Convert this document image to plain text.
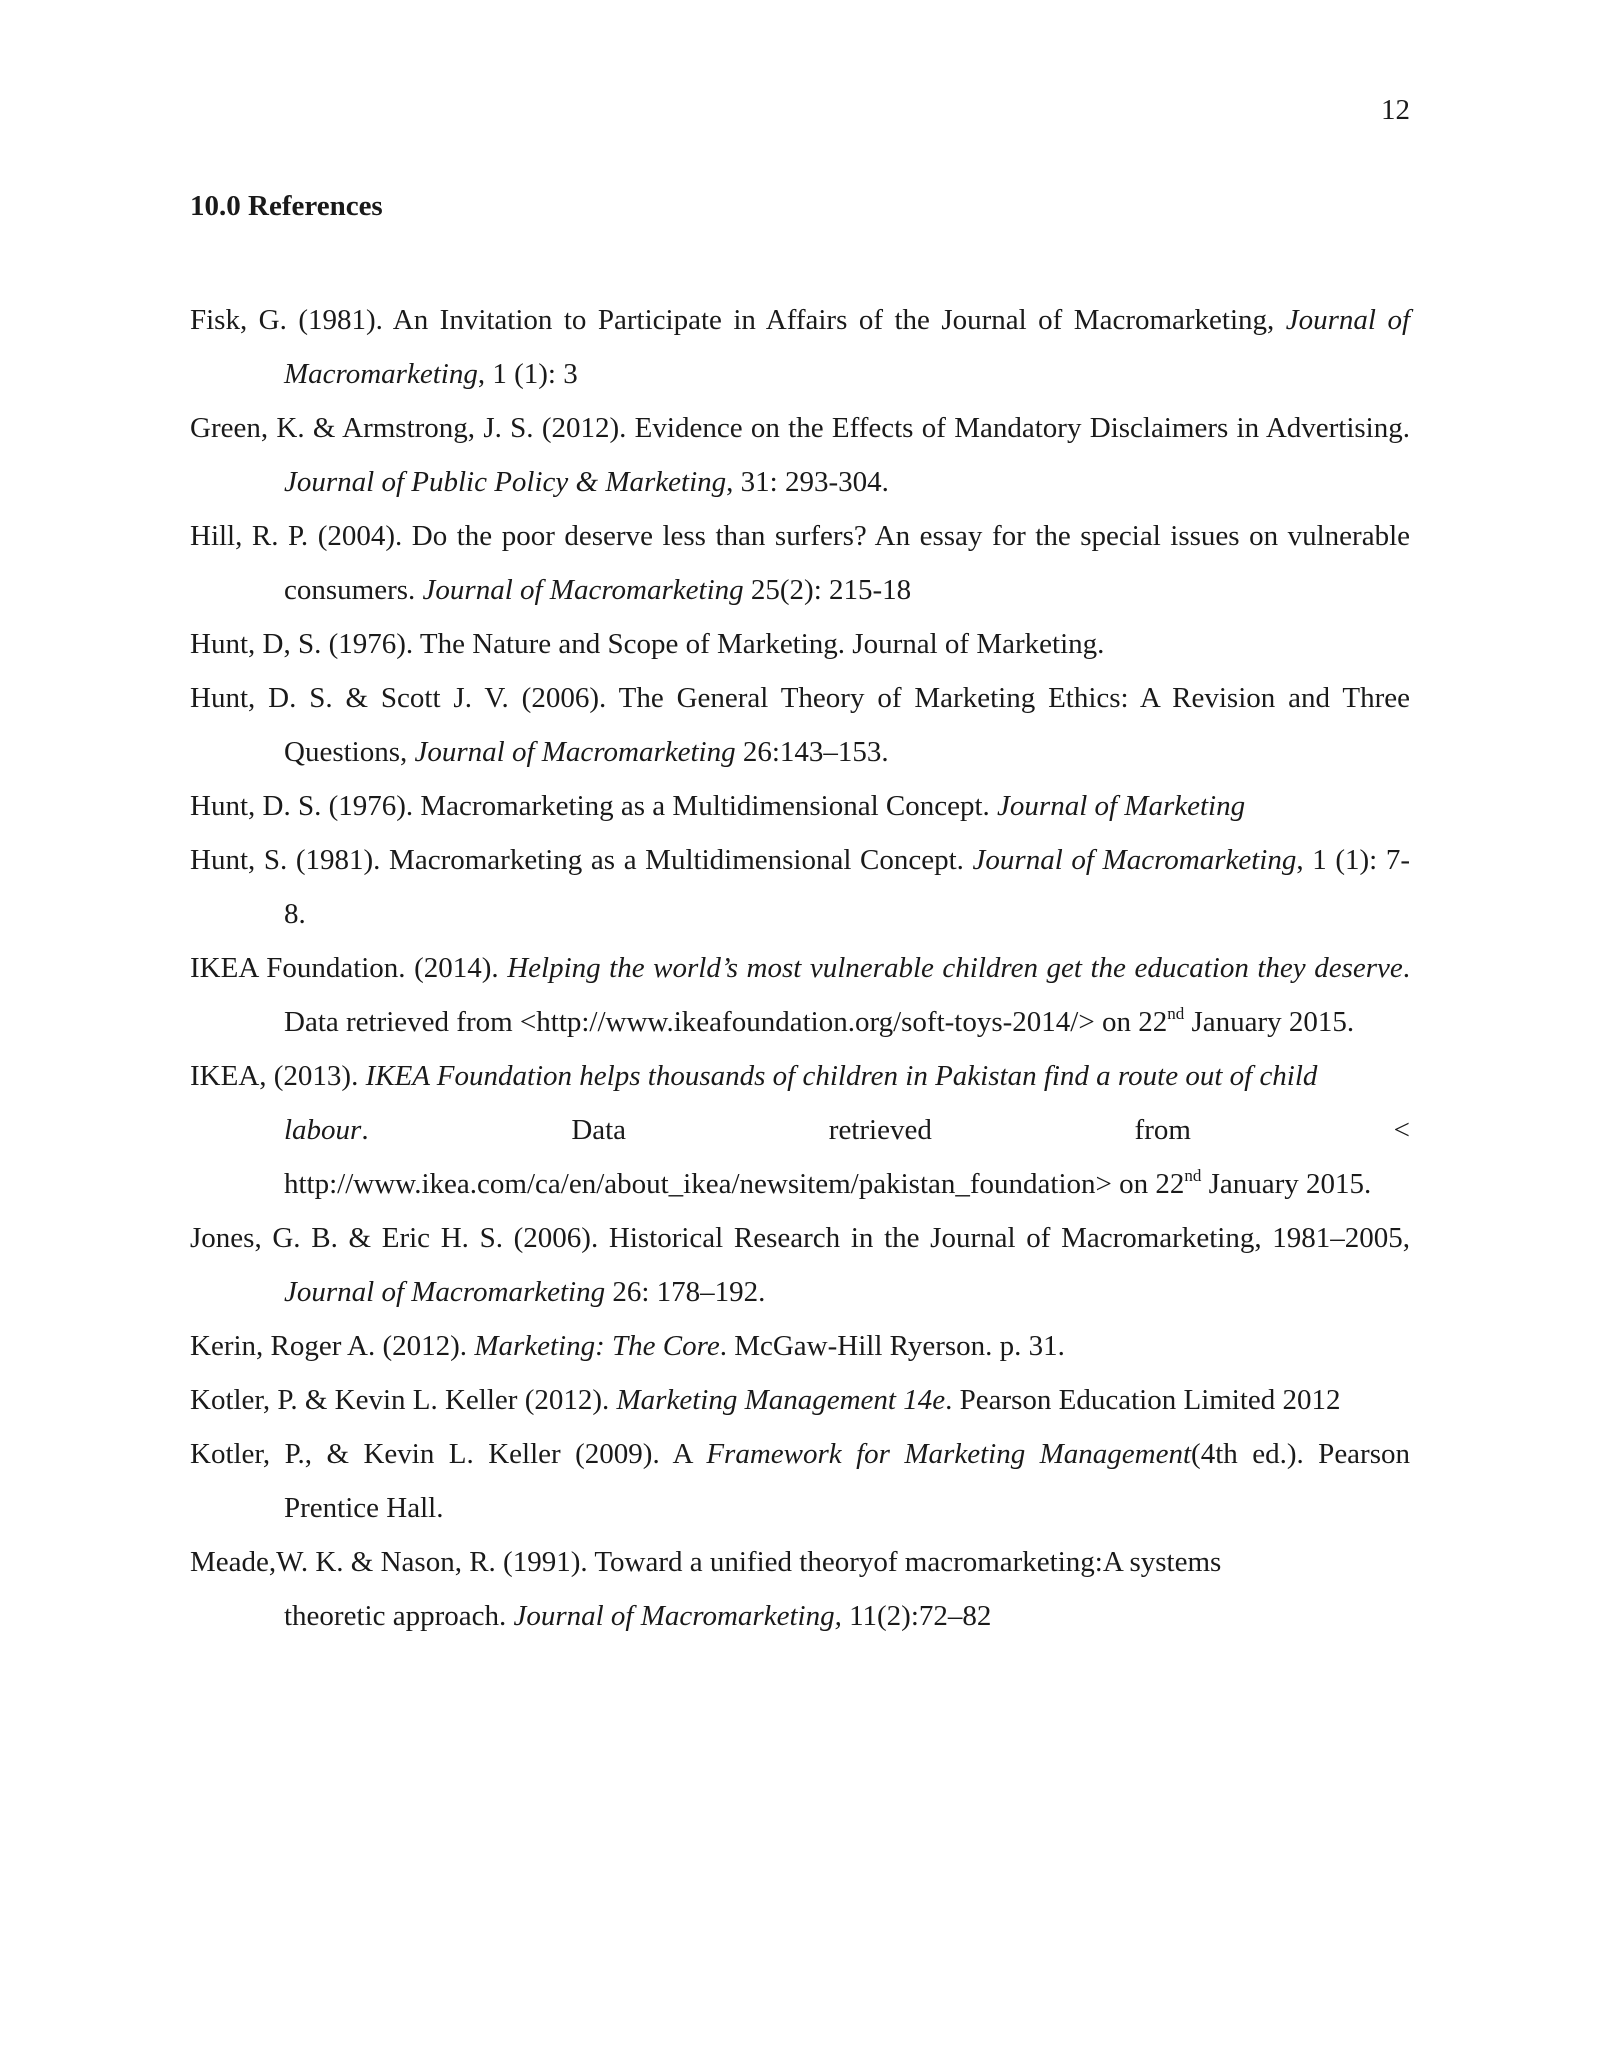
12
10.0 References

Fisk, G. (1981). An Invitation to Participate in Affairs of the Journal of Macromarketing, Journal of Macromarketing, 1 (1): 3

Green, K. & Armstrong, J. S. (2012). Evidence on the Effects of Mandatory Disclaimers in Advertising. Journal of Public Policy & Marketing, 31: 293-304.

Hill, R. P. (2004). Do the poor deserve less than surfers? An essay for the special issues on vulnerable consumers. Journal of Macromarketing 25(2): 215-18

Hunt, D, S. (1976). The Nature and Scope of Marketing. Journal of Marketing.

Hunt, D. S. & Scott J. V. (2006). The General Theory of Marketing Ethics: A Revision and Three Questions, Journal of Macromarketing 26:143–153.

Hunt, D. S. (1976). Macromarketing as a Multidimensional Concept. Journal of Marketing

Hunt, S. (1981). Macromarketing as a Multidimensional Concept. Journal of Macromarketing, 1 (1): 7-8.

IKEA Foundation. (2014). Helping the world’s most vulnerable children get the education they deserve. Data retrieved from <http://www.ikeafoundation.org/soft-toys-2014/> on 22nd January 2015.

IKEA, (2013). IKEA Foundation helps thousands of children in Pakistan find a route out of child
labour.	Data	retrieved	from	<
http://www.ikea.com/ca/en/about_ikea/newsitem/pakistan_foundation> on 22nd January 2015.

Jones, G. B. & Eric H. S. (2006). Historical Research in the Journal of Macromarketing, 1981–2005, Journal of Macromarketing 26: 178–192.

Kerin, Roger A. (2012). Marketing: The Core. McGaw-Hill Ryerson. p. 31.

Kotler, P. & Kevin L. Keller (2012). Marketing Management 14e. Pearson Education Limited 2012

Kotler, P., & Kevin L. Keller (2009). A Framework for Marketing Management(4th ed.). Pearson Prentice Hall.

Meade,W. K. & Nason, R. (1991). Toward a unified theoryof macromarketing:A systems theoretic approach. Journal of Macromarketing, 11(2):72–82
